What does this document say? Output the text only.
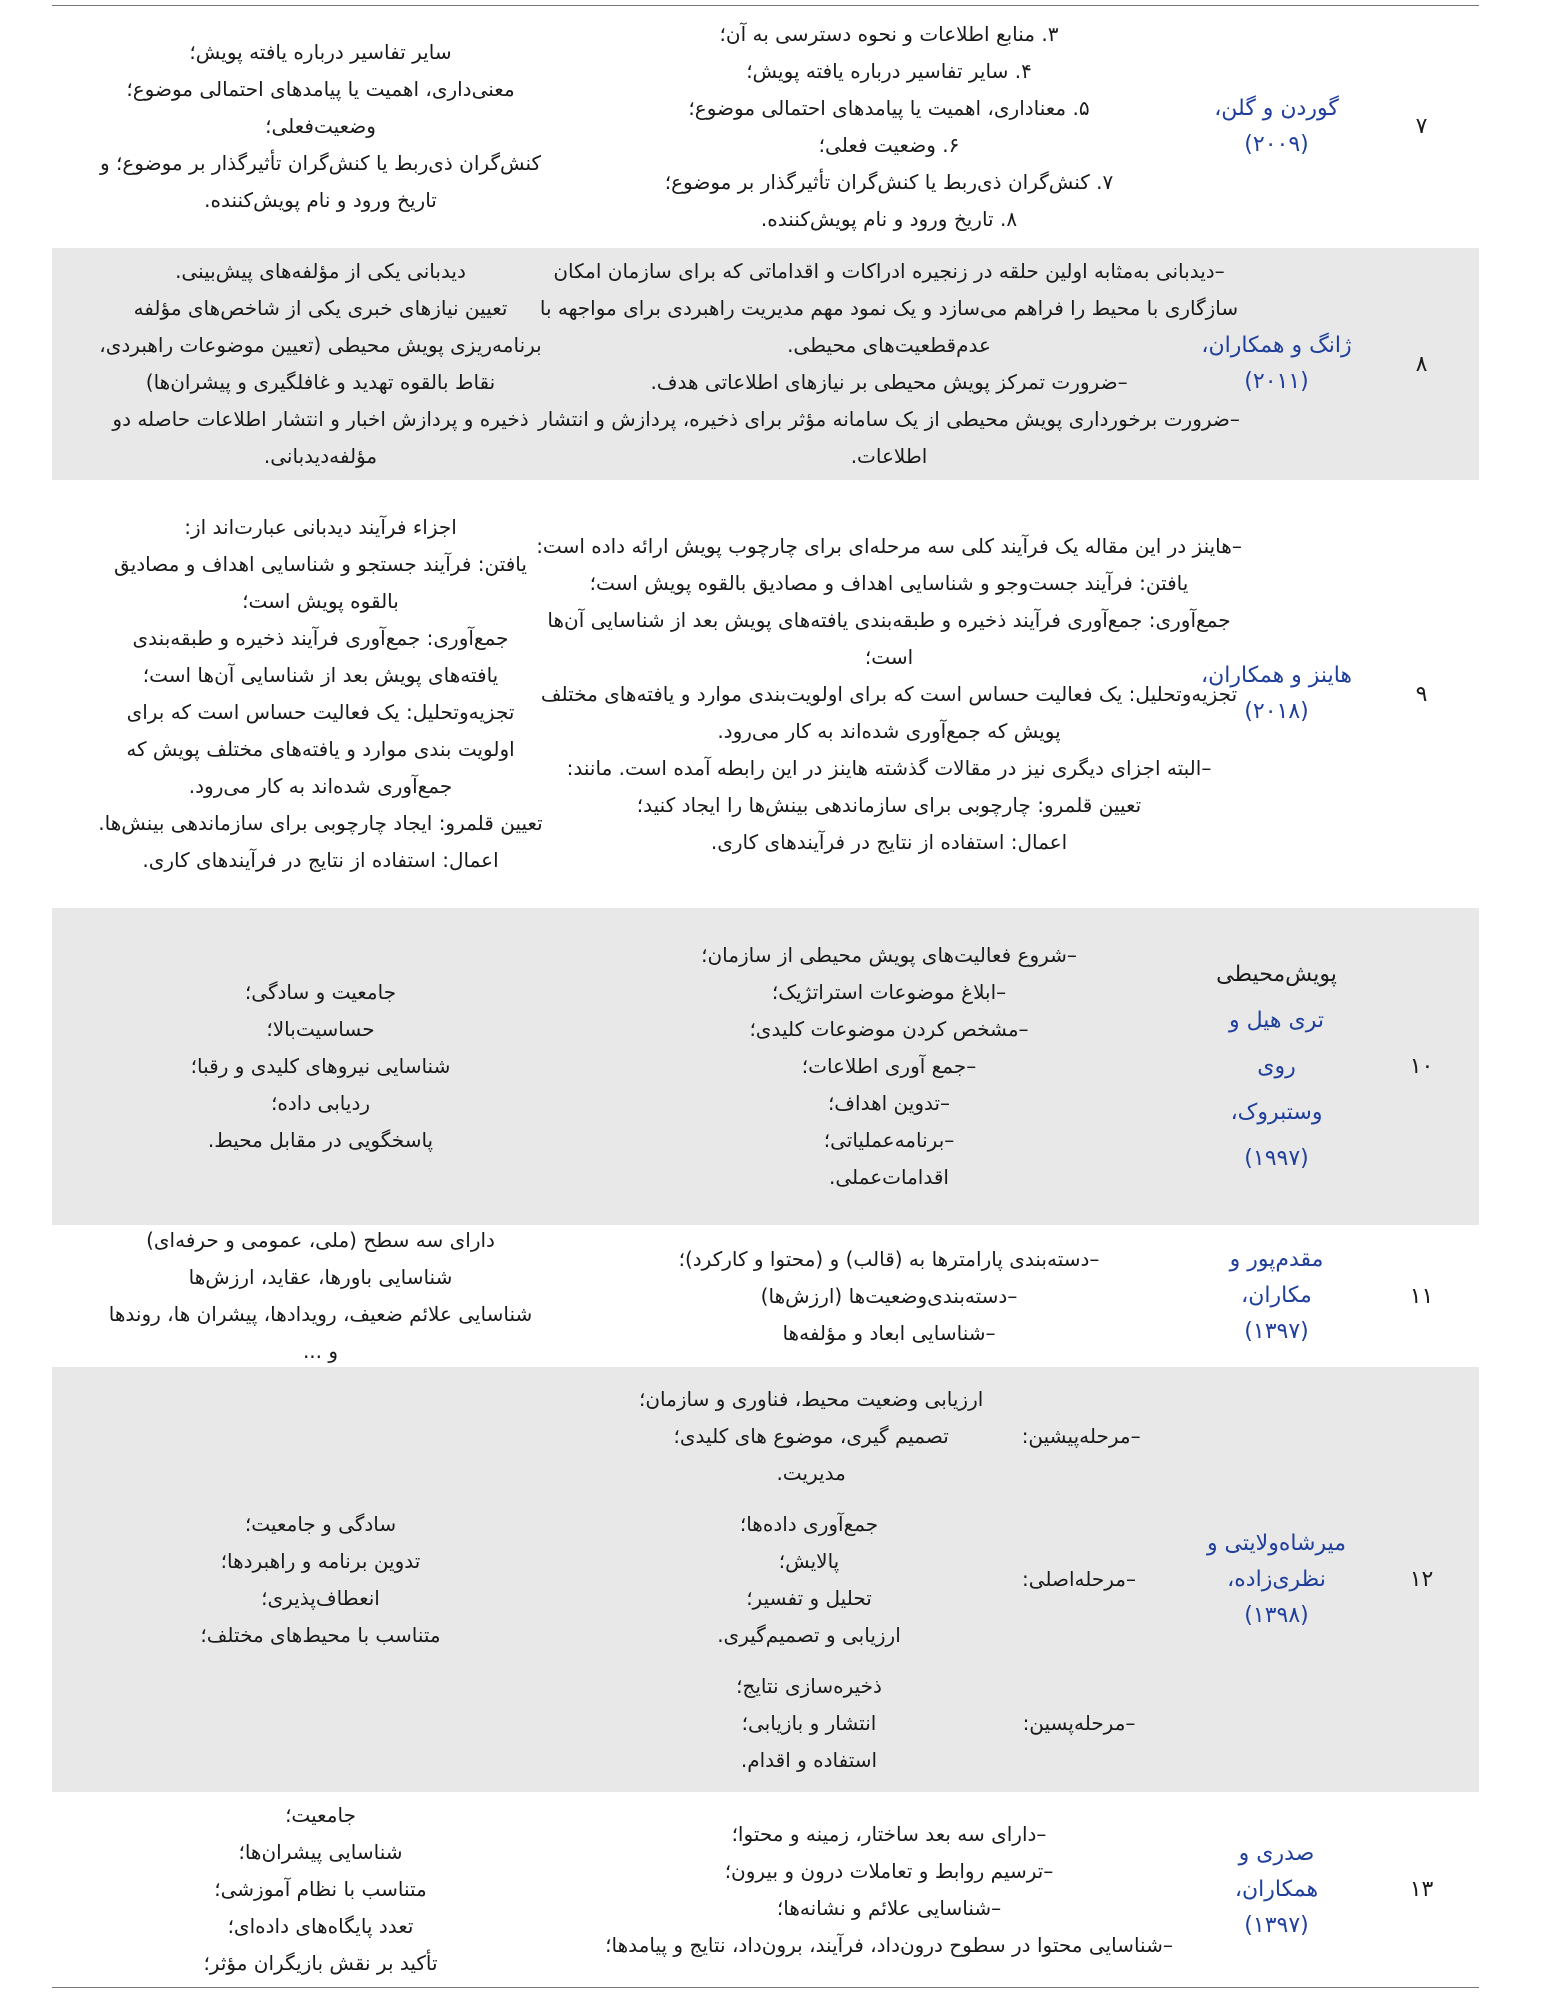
۷
گوردن و گلن،
(۲۰۰۹)
۳. منابع اطلاعات و نحوه دسترسی به آن؛
۴. سایر تفاسیر درباره یافته پویش؛
۵. معناداری، اهمیت یا پیامدهای احتمالی موضوع؛
۶. وضعیت فعلی؛
۷. کنش‌گران ذی‌ربط یا کنش‌گران تأثیرگذار بر موضوع؛
۸. تاریخ ورود و نام پویش‌کننده.
سایر تفاسیر درباره یافته پویش؛
معنی‌داری، اهمیت یا پیامدهای احتمالی موضوع؛
وضعیت‌فعلی؛
کنش‌گران ذی‌ربط یا کنش‌گران تأثیرگذار بر موضوع؛ و
تاریخ ورود و نام پویش‌کننده.
۸
ژانگ و همکاران،
(۲۰۱۱)
–دیدبانی به‌مثابه اولین حلقه در زنجیره ادراکات و اقداماتی که برای سازمان امکان
سازگاری با محیط را فراهم می‌سازد و یک نمود مهم مدیریت راهبردی برای مواجهه با
عدم‌قطعیت‌های محیطی.
–ضرورت تمرکز پویش محیطی بر نیازهای اطلاعاتی هدف.
–ضرورت برخورداری پویش محیطی از یک سامانه مؤثر برای ذخیره، پردازش و انتشار
اطلاعات.
دیدبانی یکی از مؤلفه‌های پیش‌بینی.
تعیین نیازهای خبری یکی از شاخص‌های مؤلفه
برنامه‌ریزی پویش محیطی (تعیین موضوعات راهبردی،
نقاط بالقوه تهدید و غافلگیری و پیشران‌ها)
ذخیره و پردازش اخبار و انتشار اطلاعات حاصله دو
مؤلفه‌دیدبانی.
۹
هاینز و همکاران،
(۲۰۱۸)
–هاینز در این مقاله یک فرآیند کلی سه مرحله‌ای برای چارچوب پویش ارائه داده است:
یافتن: فرآیند جست‌وجو و شناسایی اهداف و مصادیق بالقوه پویش است؛
جمع‌آوری: جمع‌آوری فرآیند ذخیره و طبقه‌بندی یافته‌های پویش بعد از شناسایی آن‌ها
است؛
تجزیه‌وتحلیل: یک فعالیت حساس است که برای اولویت‌بندی موارد و یافته‌های مختلف
پویش که جمع‌آوری شده‌اند به کار می‌رود.
–البته اجزای دیگری نیز در مقالات گذشته هاینز در این رابطه آمده است. مانند:
تعیین قلمرو: چارچوبی برای سازماندهی بینش‌ها را ایجاد کنید؛
اعمال: استفاده از نتایج در فرآیندهای کاری.
اجزاء فرآیند دیدبانی عبارت‌اند از:
یافتن: فرآیند جستجو و شناسایی اهداف و مصادیق
بالقوه پویش است؛
جمع‌آوری: جمع‌آوری فرآیند ذخیره و طبقه‌بندی
یافته‌های پویش بعد از شناسایی آن‌ها است؛
تجزیه‌وتحلیل: یک فعالیت حساس است که برای
اولویت بندی موارد و یافته‌های مختلف پویش که
جمع‌آوری شده‌اند به کار می‌رود.
تعیین قلمرو: ایجاد چارچوبی برای سازماندهی بینش‌ها.
اعمال: استفاده از نتایج در فرآیندهای کاری.
۱۰
پویش‌محیطی
تری هیل و
روی
وستبروک،
(۱۹۹۷)
–شروع فعالیت‌های پویش محیطی از سازمان؛
–ابلاغ موضوعات استراتژیک؛
–مشخص کردن موضوعات کلیدی؛
–جمع آوری اطلاعات؛
–تدوین اهداف؛
–برنامه‌عملیاتی؛
اقدامات‌عملی.
جامعیت و سادگی؛
حساسیت‌بالا؛
شناسایی نیروهای کلیدی و رقبا؛
ردیابی داده؛
پاسخگویی در مقابل محیط.
۱۱
مقدم‌پور و مکاران،
(۱۳۹۷)
–دسته‌بندی پارامترها به (قالب) و (محتوا و کارکرد)؛
–دسته‌بندی‌وضعیت‌ها (ارزش‌ها)
–شناسایی ابعاد و مؤلفه‌ها
دارای سه سطح (ملی، عمومی و حرفه‌ای)
شناسایی باورها، عقاید، ارزش‌ها
شناسایی علائم ضعیف، رویدادها، پیشران ها، روندها
و ...
۱۲
میرشاه‌ولایتی و
نظری‌زاده،
(۱۳۹۸)
–مرحله‌پیشین:
ارزیابی وضعیت محیط، فناوری و سازمان؛
تصمیم گیری، موضوع های کلیدی؛
مدیریت.
–مرحله‌اصلی:
جمع‌آوری داده‌ها؛
پالایش؛
تحلیل و تفسیر؛
ارزیابی و تصمیم‌گیری.
–مرحله‌پسین:
ذخیره‌سازی نتایج؛
انتشار و بازیابی؛
استفاده و اقدام.
سادگی و جامعیت؛
تدوین برنامه و راهبردها؛
انعطاف‌پذیری؛
متناسب با محیط‌های مختلف؛
۱۳
صدری و همکاران،
(۱۳۹۷)
–دارای سه بعد ساختار، زمینه و محتوا؛
–ترسیم روابط و تعاملات درون و بیرون؛
–شناسایی علائم و نشانه‌ها؛
–شناسایی محتوا در سطوح درون‌داد، فرآیند، برون‌داد، نتایج و پیامدها؛
جامعیت؛
شناسایی پیشران‌ها؛
متناسب با نظام آموزشی؛
تعدد پایگاه‌های داده‌ای؛
تأکید بر نقش بازیگران مؤثر؛
